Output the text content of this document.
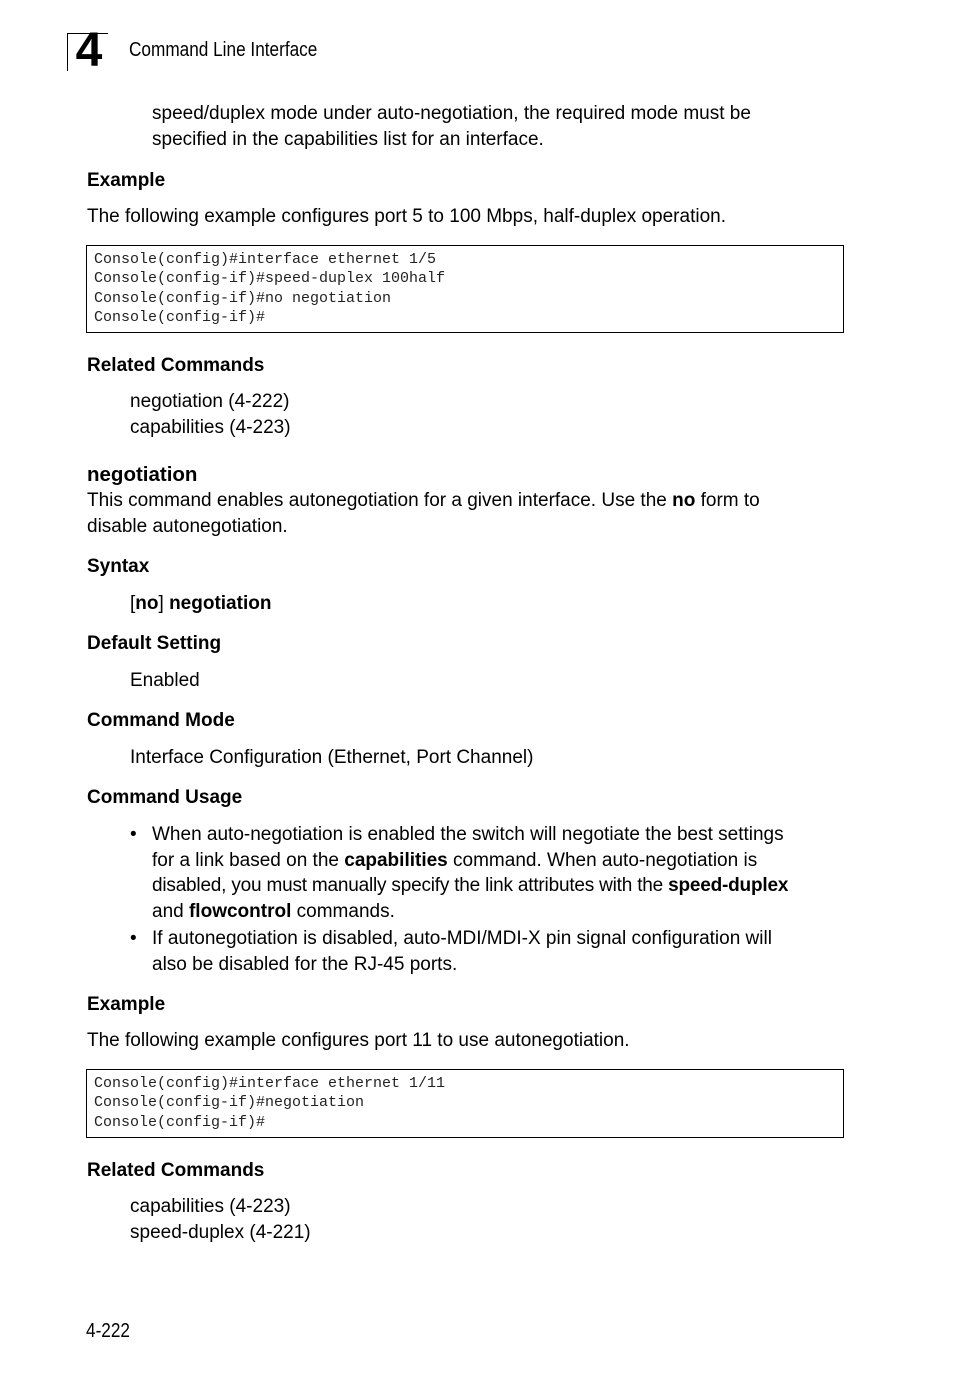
4	Command Line Interface
speed/duplex mode under auto-negotiation, the required mode must be
specified in the capabilities list for an interface.
Example
The following example configures port 5 to 100 Mbps, half-duplex operation.
Console(config)#interface ethernet 1/5
Console(config-if)#speed-duplex 100half
Console(config-if)#no negotiation
Console(config-if)#
Related Commands
negotiation (4-222)
capabilities (4-223)
negotiation
This command enables autonegotiation for a given interface. Use the no form to
disable autonegotiation.
Syntax
[no] negotiation
Default Setting
Enabled
Command Mode
Interface Configuration (Ethernet, Port Channel)
Command Usage
• When auto-negotiation is enabled the switch will negotiate the best settings
for a link based on the capabilities command. When auto-negotiation is
disabled, you must manually specify the link attributes with the speed-duplex
and flowcontrol commands.
• If autonegotiation is disabled, auto-MDI/MDI-X pin signal configuration will
also be disabled for the RJ-45 ports.
Example
The following example configures port 11 to use autonegotiation.
Console(config)#interface ethernet 1/11
Console(config-if)#negotiation
Console(config-if)#
Related Commands
capabilities (4-223)
speed-duplex (4-221)
4-222
